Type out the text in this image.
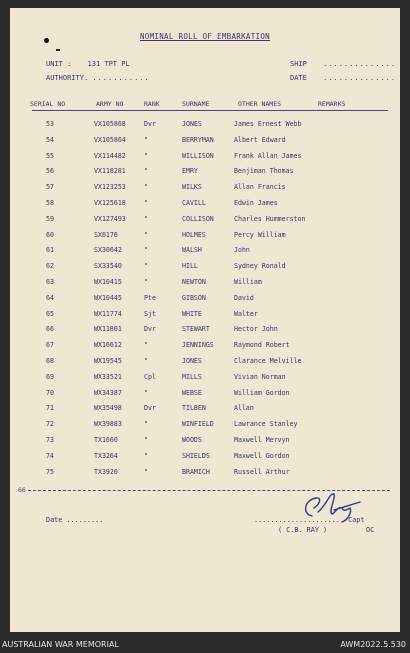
NOMINAL ROLL OF EMBARKATION
UNIT : 131 TPT PL
AUTHORITY. ...........
SHIP ..............
DATE ..............
SERIAL NO	ARMY NO	RANK	SURNAME	OTHER NAMES	REMARKS
53	VX105868	Dvr	JONES	James Ernest Webb
54	VX105864	"	BERRYMAN	Albert Edward
55	VX114482	"	WILLISON	Frank Allan James
56	VX118281	"	EMRY	Benjiman Thomas
57	VX123253	"	WILKS	Allan Francis
58	VX125618	"	CAVILL	Edwin James
59	VX127493	"	COLLISON	Charles Hummerston
60	SX6176	"	HOLMES	Percy William
61	SX30642	"	WALSH	John
62	SX33540	"	HILL	Sydney Ronald
63	WX10415	"	NEWTON	William
64	WX10445	Pte	GIBSON	David
65	WX11774	Sjt	WHITE	Walter
66	WX11801	Dvr	STEWART	Hector John
67	WX16612	"	JENNINGS	Raymond Robert
68	WX19545	"	JONES	Clarance Melville
69	WX33521	Cpl	MILLS	Vivian Norman
70	WX34387	"	WEBSE	William Gordon
71	WX35498	Dvr	TILBEN	Allan
72	WX39883	"	WINFIELD	Lawrance Stanley
73	TX1660	"	WOODS	Maxwell Mervyn
74	TX3264	"	SHIELDS	Maxwell Gordon
75	TX3920	"	BRAMICH	Russell Arthur
66
Date .........	...................... Capt
( C.B. RAY )	OC
AUSTRALIAN WAR MEMORIAL	AWM2022.5.530
